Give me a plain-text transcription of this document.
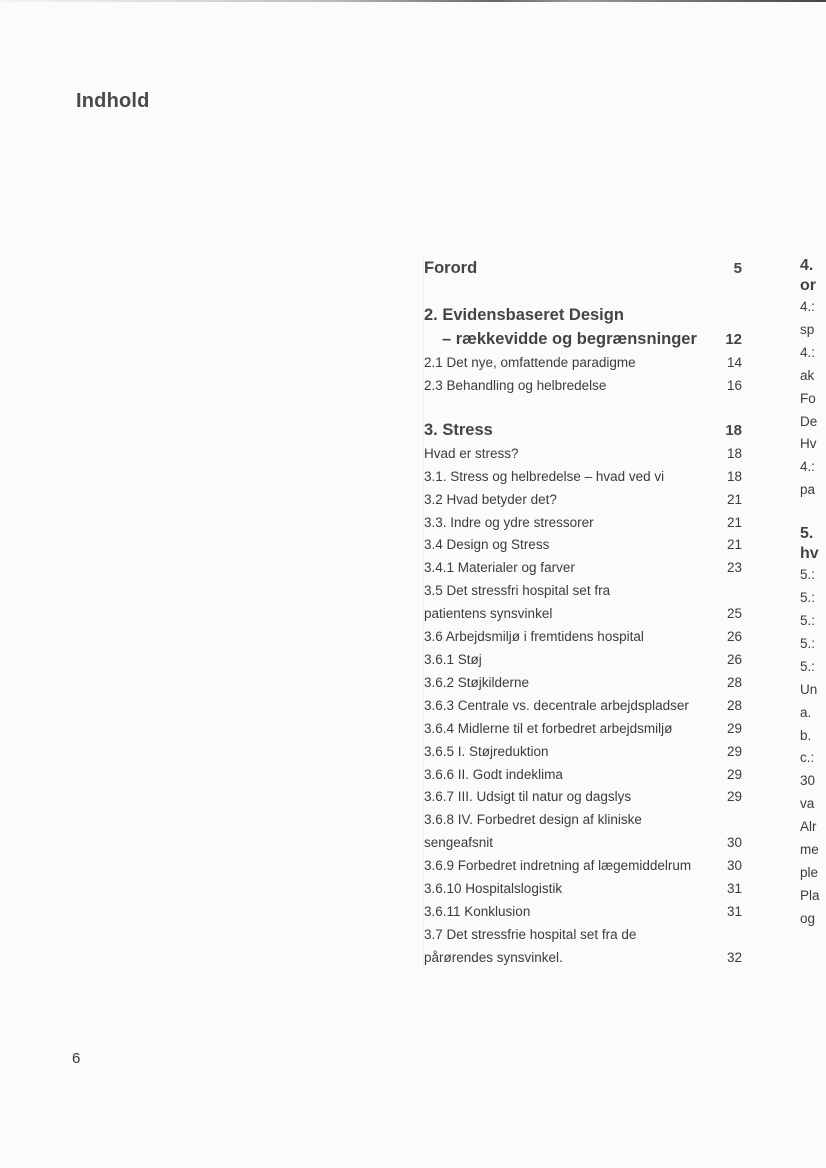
Indhold
Forord	5
2. Evidensbaseret Design
– rækkevidde og begrænsninger	12
2.1 Det nye, omfattende paradigme	14
2.3 Behandling og helbredelse	16
3. Stress	18
Hvad er stress?	18
3.1. Stress og helbredelse – hvad ved vi	18
3.2 Hvad betyder det?	21
3.3. Indre og ydre stressorer	21
3.4 Design og Stress	21
3.4.1 Materialer og farver	23
3.5 Det stressfri hospital set fra
patientens synsvinkel	25
3.6 Arbejdsmiljø i fremtidens hospital	26
3.6.1 Støj	26
3.6.2 Støjkilderne	28
3.6.3 Centrale vs. decentrale arbejdspladser	28
3.6.4 Midlerne til et forbedret arbejdsmiljø	29
3.6.5 I. Støjreduktion	29
3.6.6 II. Godt indeklima	29
3.6.7 III. Udsigt til natur og dagslys	29
3.6.8 IV. Forbedret design af kliniske
sengeafsnit	30
3.6.9 Forbedret indretning af lægemiddelrum	30
3.6.10 Hospitalslogistik	31
3.6.11 Konklusion	31
3.7 Det stressfrie hospital set fra de
pårørendes synsvinkel.	32
4.
or
4.:
sp
4.:
ak
Fo
De
Hv
4.:
pa
5.
hv
5.:
5.:
5.:
5.:
5.:
Un
a.
b.
c.:
30
va
Alr
me
ple
Pla
og
6
